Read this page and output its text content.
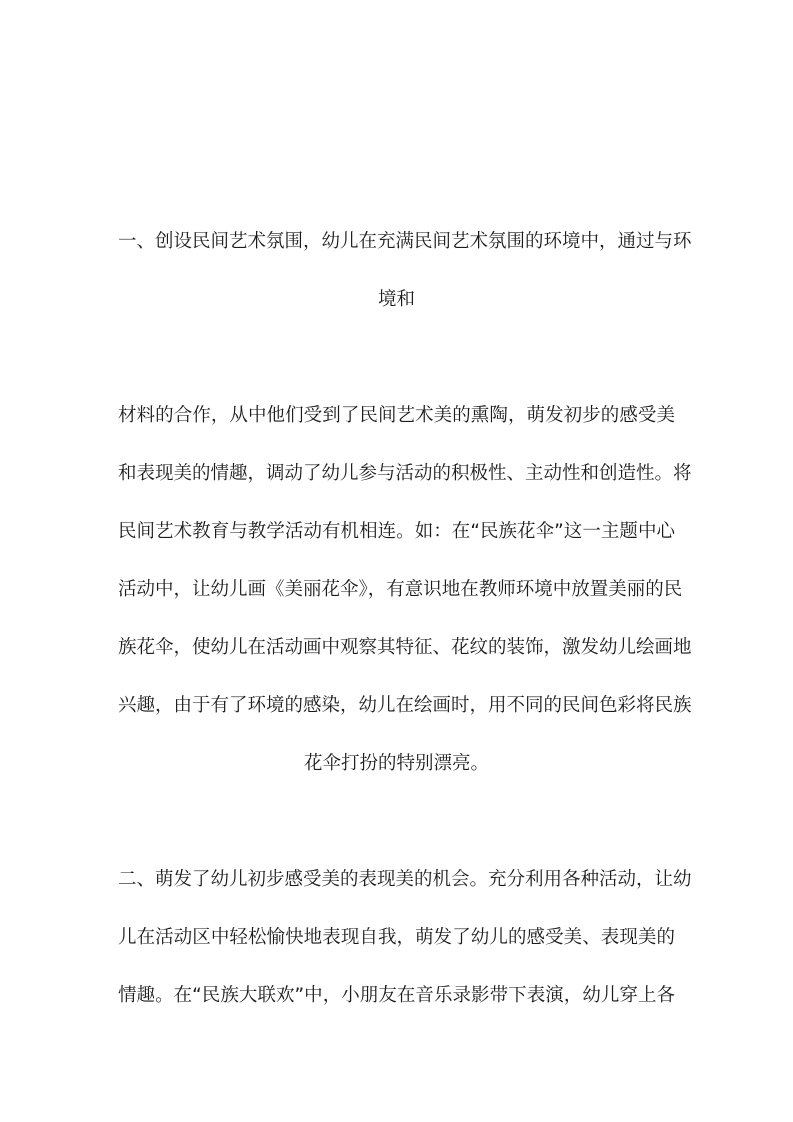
一、创设民间艺术氛围，幼儿在充满民间艺术氛围的环境中，通过与环
境和
材料的合作，从中他们受到了民间艺术美的熏陶，萌发初步的感受美
和表现美的情趣，调动了幼儿参与活动的积极性、主动性和创造性。将
民间艺术教育与教学活动有机相连。如：在“民族花伞”这一主题中心
活动中，让幼儿画《美丽花伞》，有意识地在教师环境中放置美丽的民
族花伞，使幼儿在活动画中观察其特征、花纹的装饰，激发幼儿绘画地
兴趣，由于有了环境的感染，幼儿在绘画时，用不同的民间色彩将民族
花伞打扮的特别漂亮。
二、萌发了幼儿初步感受美的表现美的机会。充分利用各种活动，让幼
儿在活动区中轻松愉快地表现自我，萌发了幼儿的感受美、表现美的
情趣。在“民族大联欢”中，小朋友在音乐录影带下表演，幼儿穿上各
